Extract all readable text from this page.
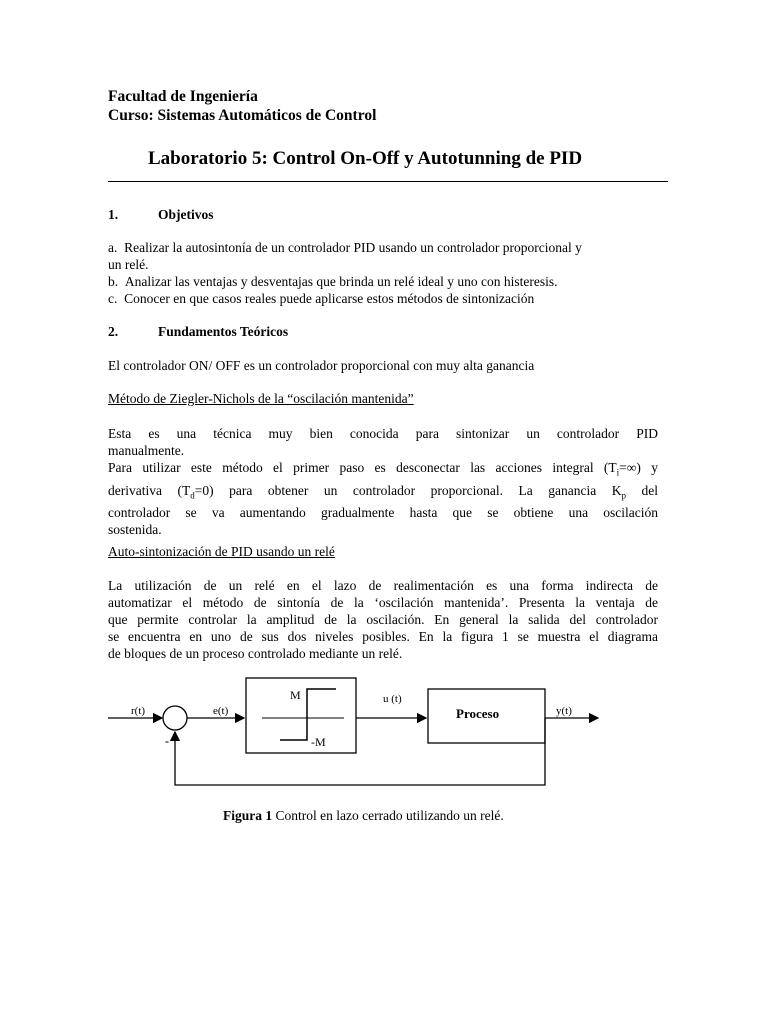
Facultad de Ingeniería
Curso: Sistemas Automáticos de Control
Laboratorio 5: Control On-Off y Autotunning de PID
1.	Objetivos
a. Realizar la autosintonía de un controlador PID usando un controlador proporcional y
un relé.
b. Analizar las ventajas y desventajas que brinda un relé ideal y uno con histeresis.
c. Conocer en que casos reales puede aplicarse estos métodos de sintonización
2.	Fundamentos Teóricos
El controlador ON/ OFF es un controlador proporcional con muy alta ganancia
Método de Ziegler-Nichols de la “oscilación mantenida”

Esta es una técnica muy bien conocida para sintonizar un controlador PID

manualmente.

Para utilizar este método el primer paso es desconectar las acciones integral $(T_i=\infty)$ y

derivativa $(T_d=0)$ para obtener un controlador proporcional. La ganancia $K_p$ del

controlador se va aumentando gradualmente hasta que se obtiene una oscilación

sostenida.

Auto-sintonización de PID usando un relé

La utilización de un relé en el lazo de realimentación es una forma indirecta de

automatizar el método de sintonía de la ‘oscilación mantenida’. Presenta la ventaja de

que permite controlar la amplitud de la oscilación. En general la salida del controlador

se encuentra en uno de sus dos niveles posibles. En la figura 1 se muestra el diagrama

de bloques de un proceso controlado mediante un relé.

r(t)
-
e(t)
M
-M
u (t)
Proceso	y(t)
Figura 1 Control en lazo cerrado utilizando un relé.
